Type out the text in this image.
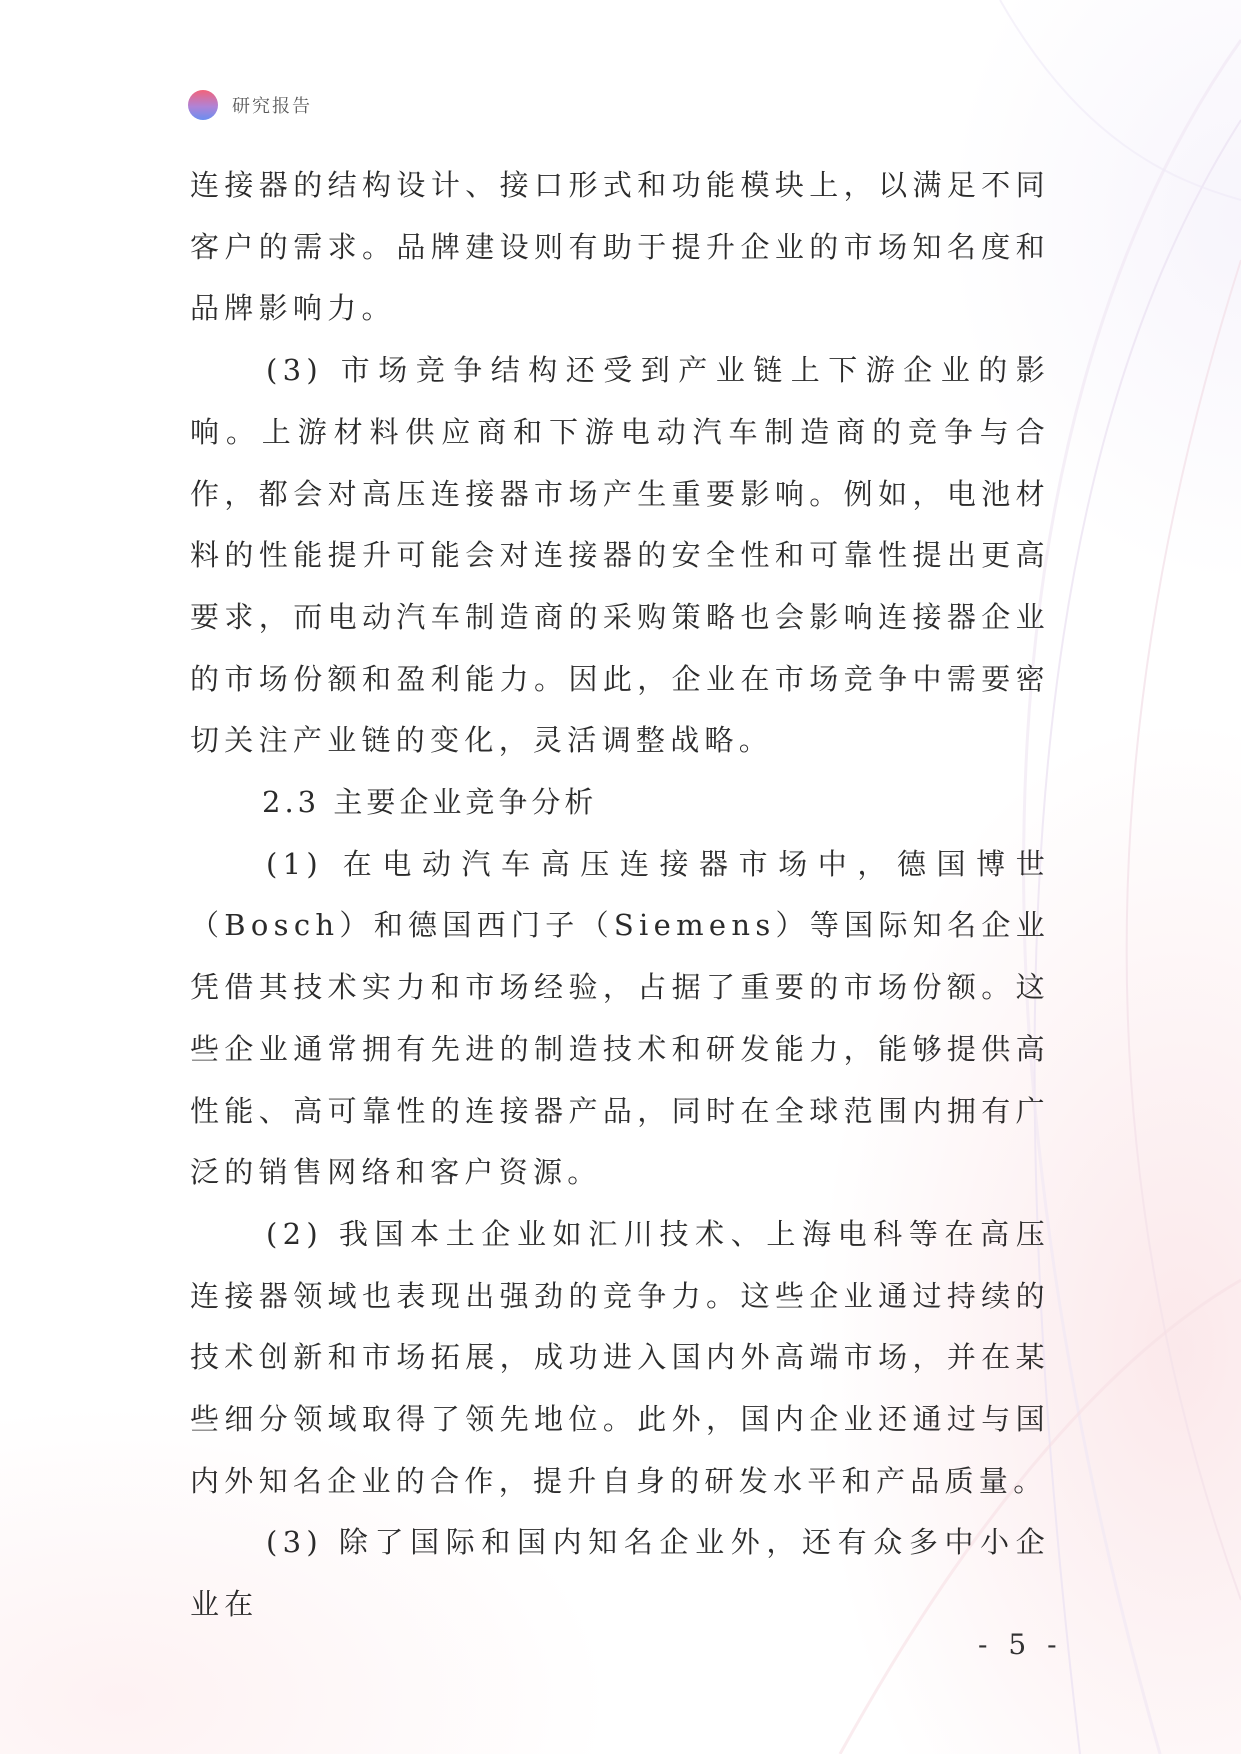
研究报告

连接器的结构设计、接口形式和功能模块上，以满足不同客户的需求。品牌建设则有助于提升企业的市场知名度和品牌影响力。

(3) 市场竞争结构还受到产业链上下游企业的影响。上游材料供应商和下游电动汽车制造商的竞争与合作，都会对高压连接器市场产生重要影响。例如，电池材料的性能提升可能会对连接器的安全性和可靠性提出更高要求，而电动汽车制造商的采购策略也会影响连接器企业的市场份额和盈利能力。因此，企业在市场竞争中需要密切关注产业链的变化，灵活调整战略。

2.3 主要企业竞争分析

(1) 在电动汽车高压连接器市场中，德国博世（Bosch）和德国西门子（Siemens）等国际知名企业凭借其技术实力和市场经验，占据了重要的市场份额。这些企业通常拥有先进的制造技术和研发能力，能够提供高性能、高可靠性的连接器产品，同时在全球范围内拥有广泛的销售网络和客户资源。

(2) 我国本土企业如汇川技术、上海电科等在高压连接器领域也表现出强劲的竞争力。这些企业通过持续的技术创新和市场拓展，成功进入国内外高端市场，并在某些细分领域取得了领先地位。此外，国内企业还通过与国内外知名企业的合作，提升自身的研发水平和产品质量。

(3) 除了国际和国内知名企业外，还有众多中小企业在

- 5 -
